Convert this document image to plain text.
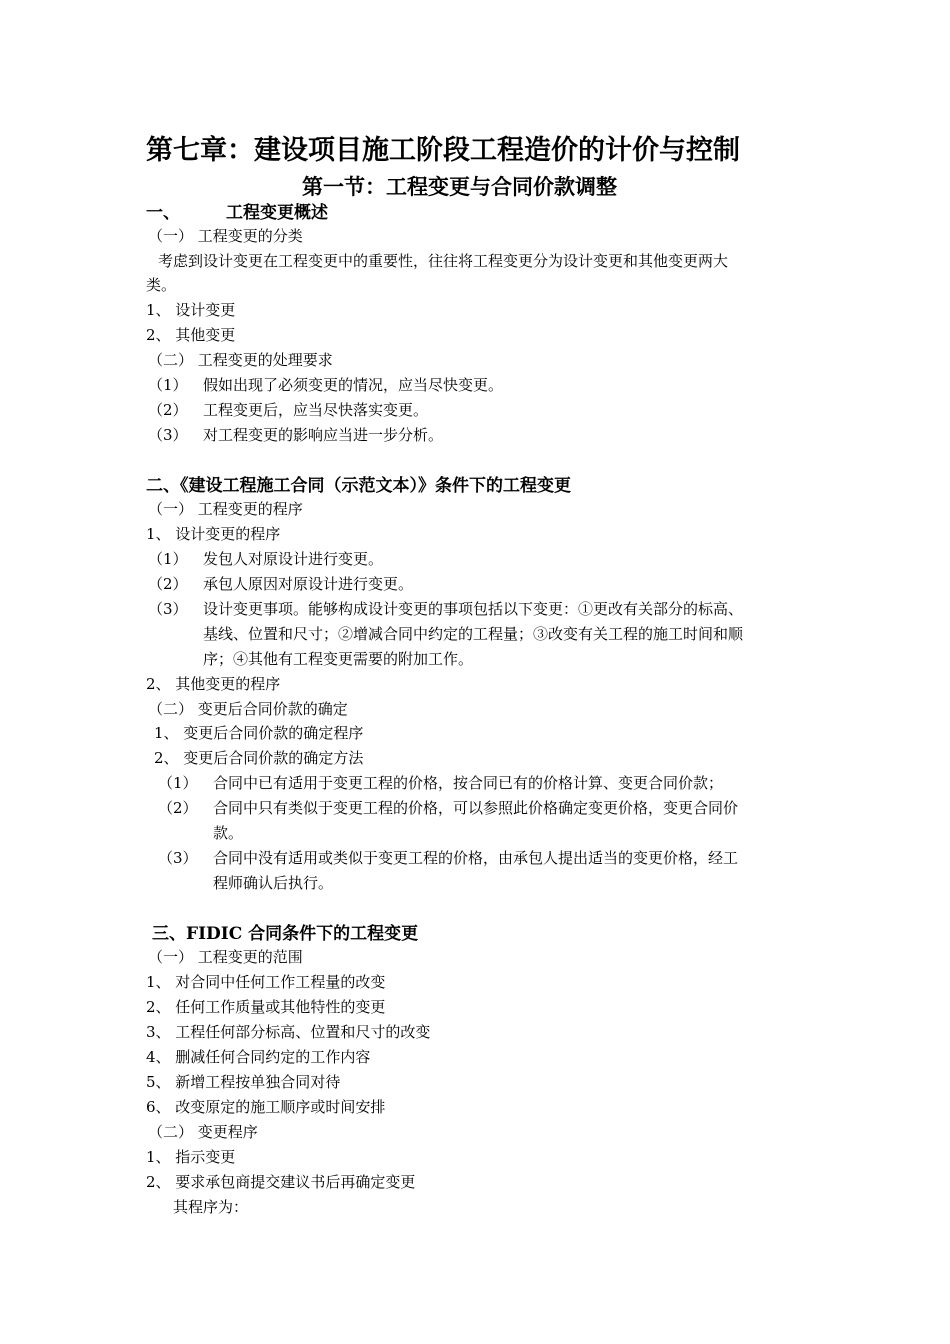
第七章：建设项目施工阶段工程造价的计价与控制
第一节：工程变更与合同价款调整
一、	工程变更概述
（一） 工程变更的分类
考虑到设计变更在工程变更中的重要性，往往将工程变更分为设计变更和其他变更两大
类。
1、 设计变更
2、 其他变更
（二） 工程变更的处理要求
（1） 假如出现了必须变更的情况，应当尽快变更。
（2） 工程变更后，应当尽快落实变更。
（3） 对工程变更的影响应当进一步分析。
二、《建设工程施工合同（示范文本）》条件下的工程变更
（一） 工程变更的程序
1、 设计变更的程序
（1） 发包人对原设计进行变更。
（2） 承包人原因对原设计进行变更。
（3） 设计变更事项。能够构成设计变更的事项包括以下变更：①更改有关部分的标高、
基线、位置和尺寸；②增减合同中约定的工程量；③改变有关工程的施工时间和顺
序；④其他有工程变更需要的附加工作。
2、 其他变更的程序
（二） 变更后合同价款的确定
1、 变更后合同价款的确定程序
2、 变更后合同价款的确定方法
（1） 合同中已有适用于变更工程的价格，按合同已有的价格计算、变更合同价款；
（2） 合同中只有类似于变更工程的价格，可以参照此价格确定变更价格，变更合同价
款。
（3） 合同中没有适用或类似于变更工程的价格，由承包人提出适当的变更价格，经工
程师确认后执行。
三、FIDIC 合同条件下的工程变更
（一） 工程变更的范围
1、 对合同中任何工作工程量的改变
2、 任何工作质量或其他特性的变更
3、 工程任何部分标高、位置和尺寸的改变
4、 删减任何合同约定的工作内容
5、 新增工程按单独合同对待
6、 改变原定的施工顺序或时间安排
（二） 变更程序
1、 指示变更
2、 要求承包商提交建议书后再确定变更
其程序为：
